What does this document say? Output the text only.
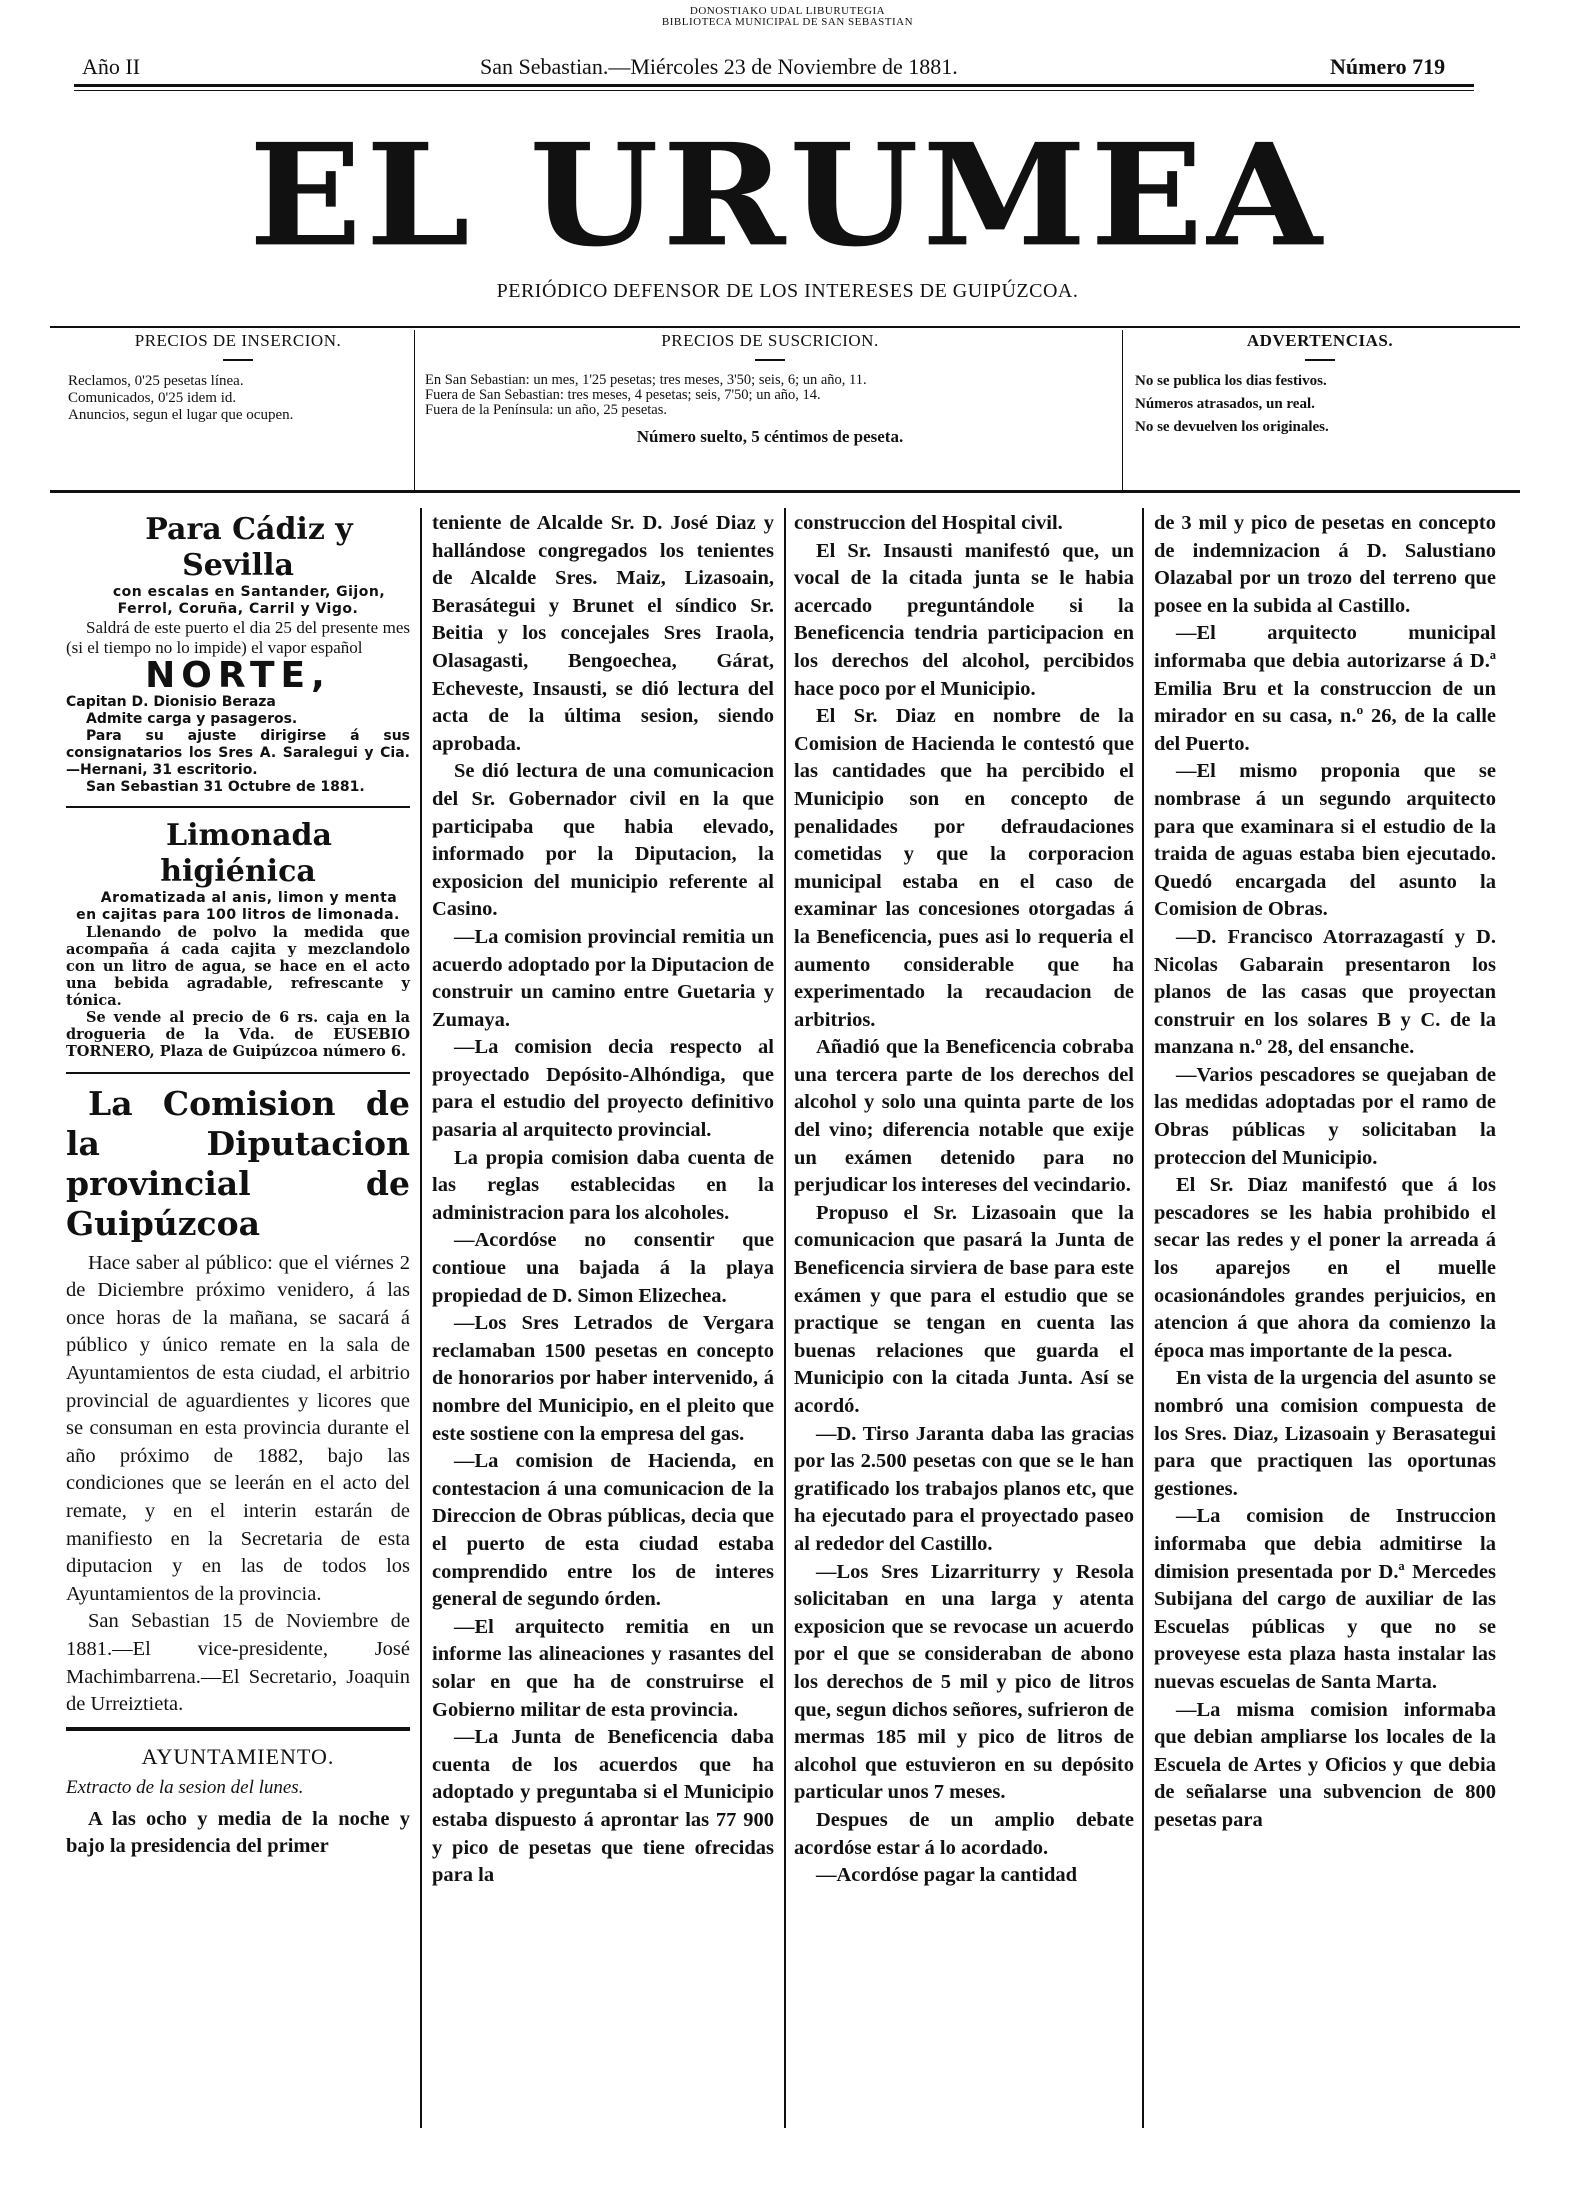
DONOSTIAKO UDAL LIBURUTEGIA
BIBLIOTECA MUNICIPAL DE SAN SEBASTIAN
Año II	San Sebastian.—Miércoles 23 de Noviembre de 1881.	Número 719
EL URUMEA
PERIÓDICO DEFENSOR DE LOS INTERESES DE GUIPÚZCOA.
PRECIOS DE INSERCION.

Reclamos, 0'25 pesetas línea.

Comunicados, 0'25 idem id.

Anuncios, segun el lugar que ocupen.

PRECIOS DE SUSCRICION.

En San Sebastian: un mes, 1'25 pesetas; tres meses, 3'50; seis, 6; un año, 11.

Fuera de San Sebastian: tres meses, 4 pesetas; seis, 7'50; un año, 14.

Fuera de la Península: un año, 25 pesetas.

Número suelto, 5 céntimos de peseta.

ADVERTENCIAS.

No se publica los dias festivos.

Números atrasados, un real.

No se devuelven los originales.

Para Cádiz y Sevilla

con escalas en Santander, Gijon, Ferrol, Coruña, Carril y Vigo.

Saldrá de este puerto el dia 25 del presente mes (si el tiempo no lo impide) el vapor español

NORTE,
Capitan D. Dionisio Beraza
Admite carga y pasageros.
Para su ajuste dirigirse á sus consignatarios los Sres A. Saralegui y Cia.—Hernani, 31 escritorio.
San Sebastian 31 Octubre de 1881.

Limonada higiénica

Aromatizada al anis, limon y menta en cajitas para 100 litros de limonada.

Llenando de polvo la medida que acompaña á cada cajita y mezclandolo con un litro de agua, se hace en el acto una bebida agradable, refrescante y tónica.

Se vende al precio de 6 rs. caja en la drogueria de la Vda. de EUSEBIO TORNERO, Plaza de Guipúzcoa número 6.

La Comision de la Diputacion provincial de Guipúzcoa

Hace saber al público: que el viérnes 2 de Diciembre próximo venidero, á las once horas de la mañana, se sacará á público y único remate en la sala de Ayuntamientos de esta ciudad, el arbitrio provincial de aguardientes y licores que se consuman en esta provincia durante el año próximo de 1882, bajo las condiciones que se leerán en el acto del remate, y en el interin estarán de manifiesto en la Secretaria de esta diputacion y en las de todos los Ayuntamientos de la provincia.

San Sebastian 15 de Noviembre de 1881.—El vice-presidente, José Machimbarrena.—El Secretario, Joaquin de Urreiztieta.

AYUNTAMIENTO.

Extracto de la sesion del lunes.

A las ocho y media de la noche y bajo la presidencia del primer

teniente de Alcalde Sr. D. José Diaz y hallándose congregados los tenientes de Alcalde Sres. Maiz, Lizasoain, Berasátegui y Brunet el síndico Sr. Beitia y los concejales Sres Iraola, Olasagasti, Bengoechea, Gárat, Echeveste, Insausti, se dió lectura del acta de la última sesion, siendo aprobada.

Se dió lectura de una comunicacion del Sr. Gobernador civil en la que participaba que habia elevado, informado por la Diputacion, la exposicion del municipio referente al Casino.

—La comision provincial remitia un acuerdo adoptado por la Diputacion de construir un camino entre Guetaria y Zumaya.

—La comision decia respecto al proyectado Depósito-Alhóndiga, que para el estudio del proyecto definitivo pasaria al arquitecto provincial.

La propia comision daba cuenta de las reglas establecidas en la administracion para los alcoholes.

—Acordóse no consentir que contioue una bajada á la playa propiedad de D. Simon Elizechea.

—Los Sres Letrados de Vergara reclamaban 1500 pesetas en concepto de honorarios por haber intervenido, á nombre del Municipio, en el pleito que este sostiene con la empresa del gas.

—La comision de Hacienda, en contestacion á una comunicacion de la Direccion de Obras públicas, decia que el puerto de esta ciudad estaba comprendido entre los de interes general de segundo órden.

—El arquitecto remitia en un informe las alineaciones y rasantes del solar en que ha de construirse el Gobierno militar de esta provincia.

—La Junta de Beneficencia daba cuenta de los acuerdos que ha adoptado y preguntaba si el Municipio estaba dispuesto á aprontar las 77 900 y pico de pesetas que tiene ofrecidas para la

construccion del Hospital civil.

El Sr. Insausti manifestó que, un vocal de la citada junta se le habia acercado preguntándole si la Beneficencia tendria participacion en los derechos del alcohol, percibidos hace poco por el Municipio.

El Sr. Diaz en nombre de la Comision de Hacienda le contestó que las cantidades que ha percibido el Municipio son en concepto de penalidades por defraudaciones cometidas y que la corporacion municipal estaba en el caso de examinar las concesiones otorgadas á la Beneficencia, pues asi lo requeria el aumento considerable que ha experimentado la recaudacion de arbitrios.

Añadió que la Beneficencia cobraba una tercera parte de los derechos del alcohol y solo una quinta parte de los del vino; diferencia notable que exije un exámen detenido para no perjudicar los intereses del vecindario.

Propuso el Sr. Lizasoain que la comunicacion que pasará la Junta de Beneficencia sirviera de base para este exámen y que para el estudio que se practique se tengan en cuenta las buenas relaciones que guarda el Municipio con la citada Junta. Así se acordó.

—D. Tirso Jaranta daba las gracias por las 2.500 pesetas con que se le han gratificado los trabajos planos etc, que ha ejecutado para el proyectado paseo al rededor del Castillo.

—Los Sres Lizarriturry y Resola solicitaban en una larga y atenta exposicion que se revocase un acuerdo por el que se consideraban de abono los derechos de 5 mil y pico de litros que, segun dichos señores, sufrieron de mermas 185 mil y pico de litros de alcohol que estuvieron en su depósito particular unos 7 meses.

Despues de un amplio debate acordóse estar á lo acordado.

—Acordóse pagar la cantidad

de 3 mil y pico de pesetas en concepto de indemnizacion á D. Salustiano Olazabal por un trozo del terreno que posee en la subida al Castillo.

—El arquitecto municipal informaba que debia autorizarse á D.ª Emilia Bru et la construccion de un mirador en su casa, n.º 26, de la calle del Puerto.

—El mismo proponia que se nombrase á un segundo arquitecto para que examinara si el estudio de la traida de aguas estaba bien ejecutado. Quedó encargada del asunto la Comision de Obras.

—D. Francisco Atorrazagastí y D. Nicolas Gabarain presentaron los planos de las casas que proyectan construir en los solares B y C. de la manzana n.º 28, del ensanche.

—Varios pescadores se quejaban de las medidas adoptadas por el ramo de Obras públicas y solicitaban la proteccion del Municipio.

El Sr. Diaz manifestó que á los pescadores se les habia prohibido el secar las redes y el poner la arreada á los aparejos en el muelle ocasionándoles grandes perjuicios, en atencion á que ahora da comienzo la época mas importante de la pesca.

En vista de la urgencia del asunto se nombró una comision compuesta de los Sres. Diaz, Lizasoain y Berasategui para que practiquen las oportunas gestiones.

—La comision de Instruccion informaba que debia admitirse la dimision presentada por D.ª Mercedes Subijana del cargo de auxiliar de las Escuelas públicas y que no se proveyese esta plaza hasta instalar las nuevas escuelas de Santa Marta.

—La misma comision informaba que debian ampliarse los locales de la Escuela de Artes y Oficios y que debia de señalarse una subvencion de 800 pesetas para
